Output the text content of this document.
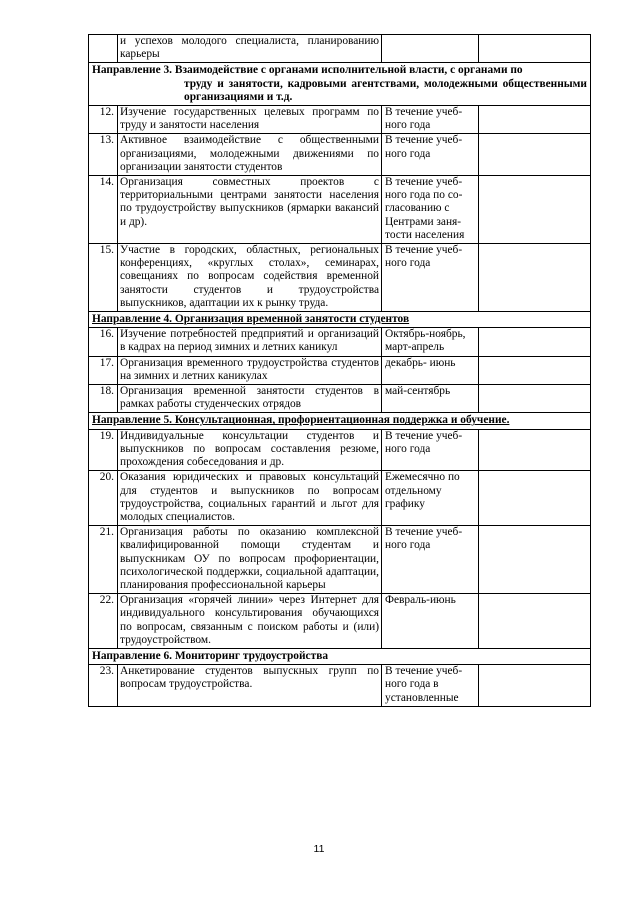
	и успехов молодого специалиста, планированию карьеры		

Направление 3. Взаимодействие с органами исполнительной власти, с органами по
труду и занятости, кадровыми агентствами, молодежными общественными организациями и т.д.			

12.	Изучение государственных целевых программ по труду и занятости населения	В течение учеб-ного года	
13.	Активное взаимодействие с общественными организациями, молодежными движениями по организации занятости студентов	В течение учеб-ного года	
14.	Организация совместных проектов с территориальными центрами занятости населения по трудоустройству выпускников (ярмарки вакансий и др).	В течение учеб-ного года по со-гласованию с Центрами заня-тости населения	
15.	Участие в городских, областных, региональных конференциях, «круглых столах», семинарах, совещаниях по вопросам содействия временной занятости студентов и трудоустройства выпускников, адаптации их к рынку труда.	В течение учеб-ного года	
Направление 4. Организация временной занятости студентов			
16.	Изучение потребностей предприятий и организаций в кадрах на период зимних и летних каникул	Октябрь-ноябрь, март-апрель	
17.	Организация временного трудоустройства студентов на зимних и летних каникулах	декабрь- июнь	
18.	Организация временной занятости студентов в рамках работы студенческих отрядов	май-сентябрь	
Направление 5. Консультационная, профориентационная поддержка и обучение.			
19.	Индивидуальные консультации студентов и выпускников по вопросам составления резюме, прохождения собеседования и др.	В течение учеб-ного года	
20.	Оказания юридических и правовых консультаций для студентов и выпускников по вопросам трудоустройства, социальных гарантий и льгот для молодых специалистов.	Ежемесячно по отдельному графику	
21.	Организация работы по оказанию комплексной квалифицированной помощи студентам и выпускникам ОУ по вопросам профориентации, психологической поддержки, социальной адаптации, планирования профессиональной карьеры	В течение учеб-ного года	
22.	Организация «горячей линии» через Интернет для индивидуального консультирования обучающихся по вопросам, связанным с поиском работы и (или) трудоустройством.	Февраль-июнь	
Направление 6. Мониторинг трудоустройства			
23.	Анкетирование студентов выпускных групп по вопросам трудоустройства.	В течение учеб-ного года в установленные	
11
